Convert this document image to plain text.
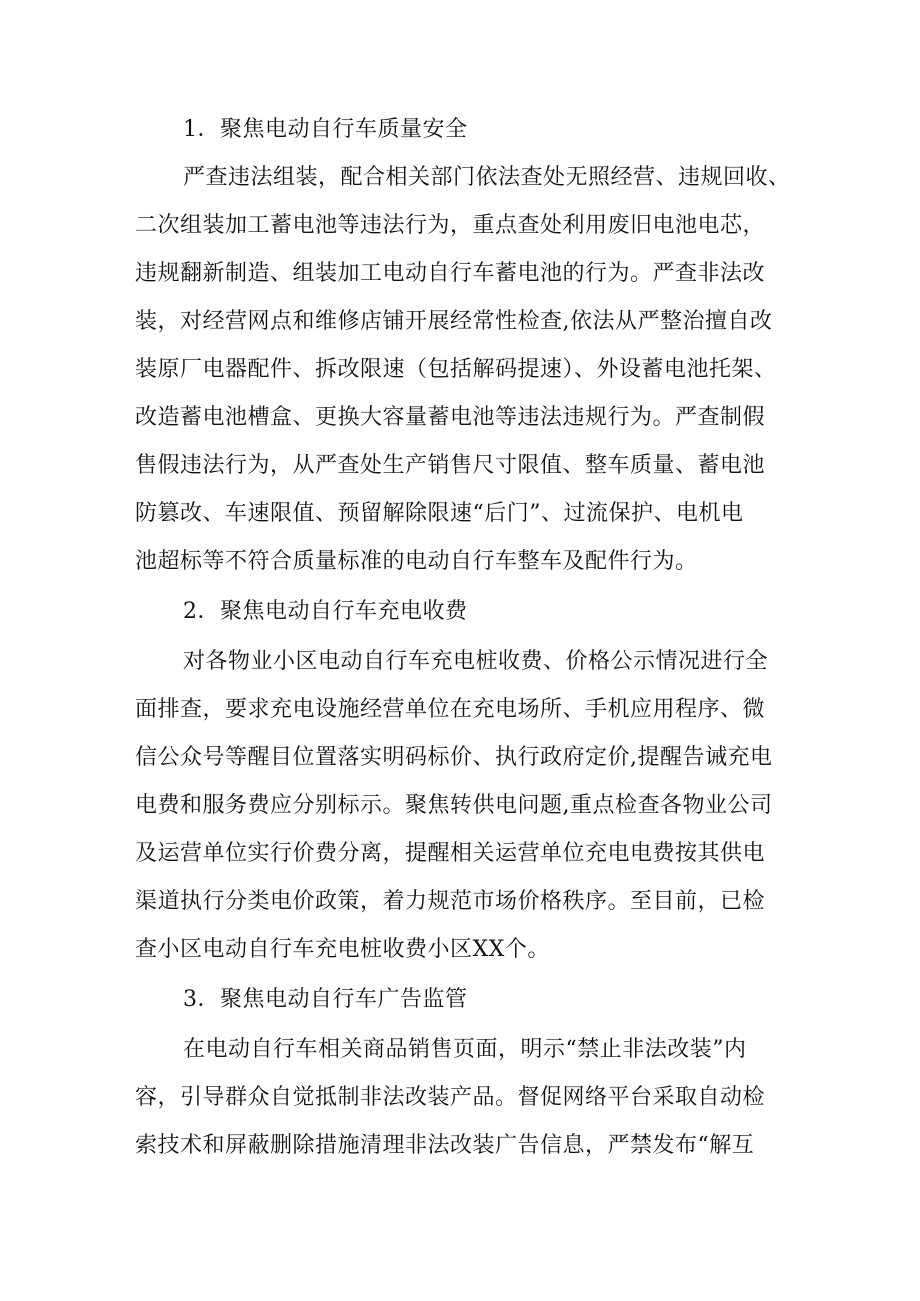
1．聚焦电动自行车质量安全
严查违法组装，配合相关部门依法查处无照经营、违规回收、
二次组装加工蓄电池等违法行为，重点查处利用废旧电池电芯，
违规翻新制造、组装加工电动自行车蓄电池的行为。严查非法改
装，对经营网点和维修店铺开展经常性检查,依法从严整治擅自改
装原厂电器配件、拆改限速（包括解码提速）、外设蓄电池托架、
改造蓄电池槽盒、更换大容量蓄电池等违法违规行为。严查制假
售假违法行为，从严查处生产销售尺寸限值、整车质量、蓄电池
防篡改、车速限值、预留解除限速“后门”、过流保护、电机电
池超标等不符合质量标准的电动自行车整车及配件行为。
2．聚焦电动自行车充电收费
对各物业小区电动自行车充电桩收费、价格公示情况进行全
面排查，要求充电设施经营单位在充电场所、手机应用程序、微
信公众号等醒目位置落实明码标价、执行政府定价,提醒告诫充电
电费和服务费应分别标示。聚焦转供电问题,重点检查各物业公司
及运营单位实行价费分离，提醒相关运营单位充电电费按其供电
渠道执行分类电价政策，着力规范市场价格秩序。至目前，已检
查小区电动自行车充电桩收费小区XX个。
3．聚焦电动自行车广告监管
在电动自行车相关商品销售页面，明示“禁止非法改装”内
容，引导群众自觉抵制非法改装产品。督促网络平台采取自动检
索技术和屏蔽删除措施清理非法改装广告信息，严禁发布“解互
